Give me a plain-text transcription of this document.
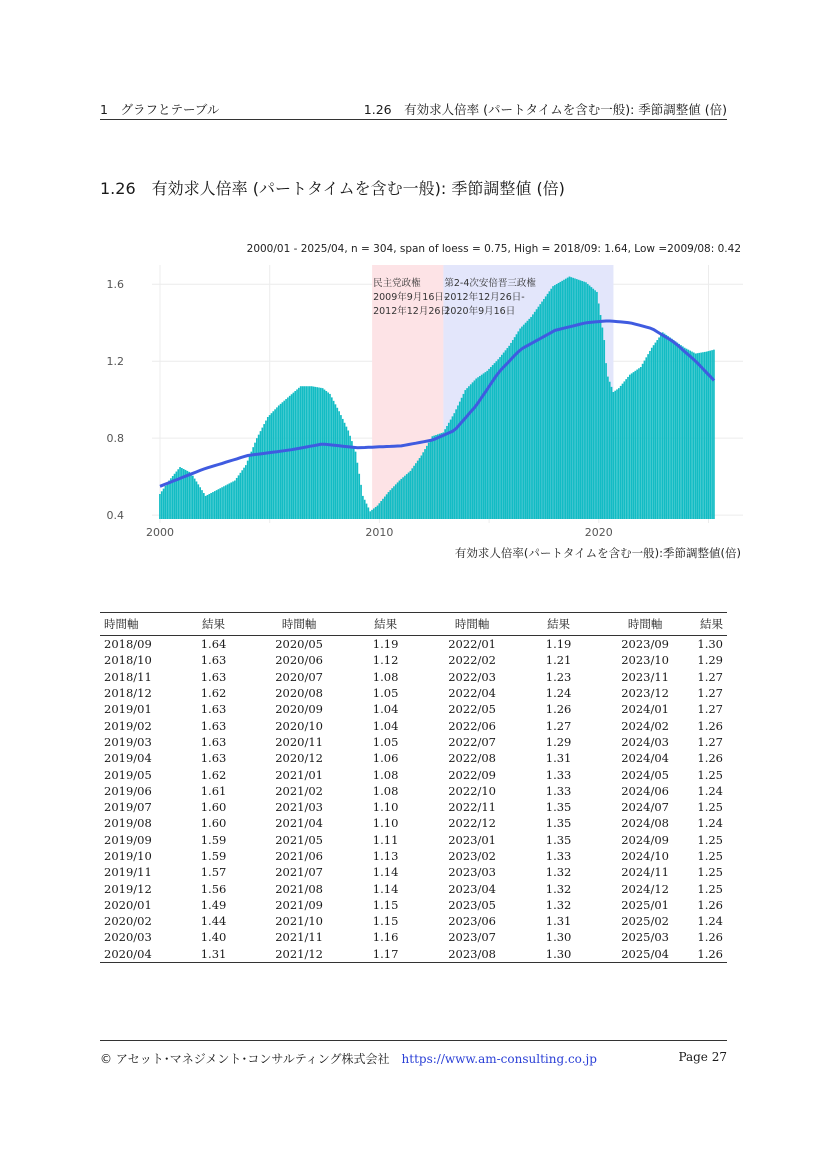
1　グラフとテーブル	1.26　有効求人倍率 (パートタイムを含む一般): 季節調整値 (倍)
1.26 有効求人倍率 (パートタイムを含む一般): 季節調整値 (倍)
2000/01 - 2025/04, n = 304, span of loess = 0.75, High = 2018/09: 1.64, Low =2009/08: 0.42
民主党政権
2009年9月16日-
2012年12月26日
第2-4次安倍晋三政権
2012年12月26日-
2020年9月16日
0.4
0.8
1.2
1.6
2000	2010	2020
有効求人倍率(パートタイムを含む一般):季節調整値(倍)
時間軸	結果	時間軸	結果	時間軸	結果	時間軸	結果
2018/09	1.64	2020/05	1.19	2022/01	1.19	2023/09	1.30
2018/10	1.63	2020/06	1.12	2022/02	1.21	2023/10	1.29
2018/11	1.63	2020/07	1.08	2022/03	1.23	2023/11	1.27
2018/12	1.62	2020/08	1.05	2022/04	1.24	2023/12	1.27
2019/01	1.63	2020/09	1.04	2022/05	1.26	2024/01	1.27
2019/02	1.63	2020/10	1.04	2022/06	1.27	2024/02	1.26
2019/03	1.63	2020/11	1.05	2022/07	1.29	2024/03	1.27
2019/04	1.63	2020/12	1.06	2022/08	1.31	2024/04	1.26
2019/05	1.62	2021/01	1.08	2022/09	1.33	2024/05	1.25
2019/06	1.61	2021/02	1.08	2022/10	1.33	2024/06	1.24
2019/07	1.60	2021/03	1.10	2022/11	1.35	2024/07	1.25
2019/08	1.60	2021/04	1.10	2022/12	1.35	2024/08	1.24
2019/09	1.59	2021/05	1.11	2023/01	1.35	2024/09	1.25
2019/10	1.59	2021/06	1.13	2023/02	1.33	2024/10	1.25
2019/11	1.57	2021/07	1.14	2023/03	1.32	2024/11	1.25
2019/12	1.56	2021/08	1.14	2023/04	1.32	2024/12	1.25
2020/01	1.49	2021/09	1.15	2023/05	1.32	2025/01	1.26
2020/02	1.44	2021/10	1.15	2023/06	1.31	2025/02	1.24
2020/03	1.40	2021/11	1.16	2023/07	1.30	2025/03	1.26
2020/04	1.31	2021/12	1.17	2023/08	1.30	2025/04	1.26
© アセット･マネジメント･コンサルティング株式会社 https://www.am-consulting.co.jp	Page 27
